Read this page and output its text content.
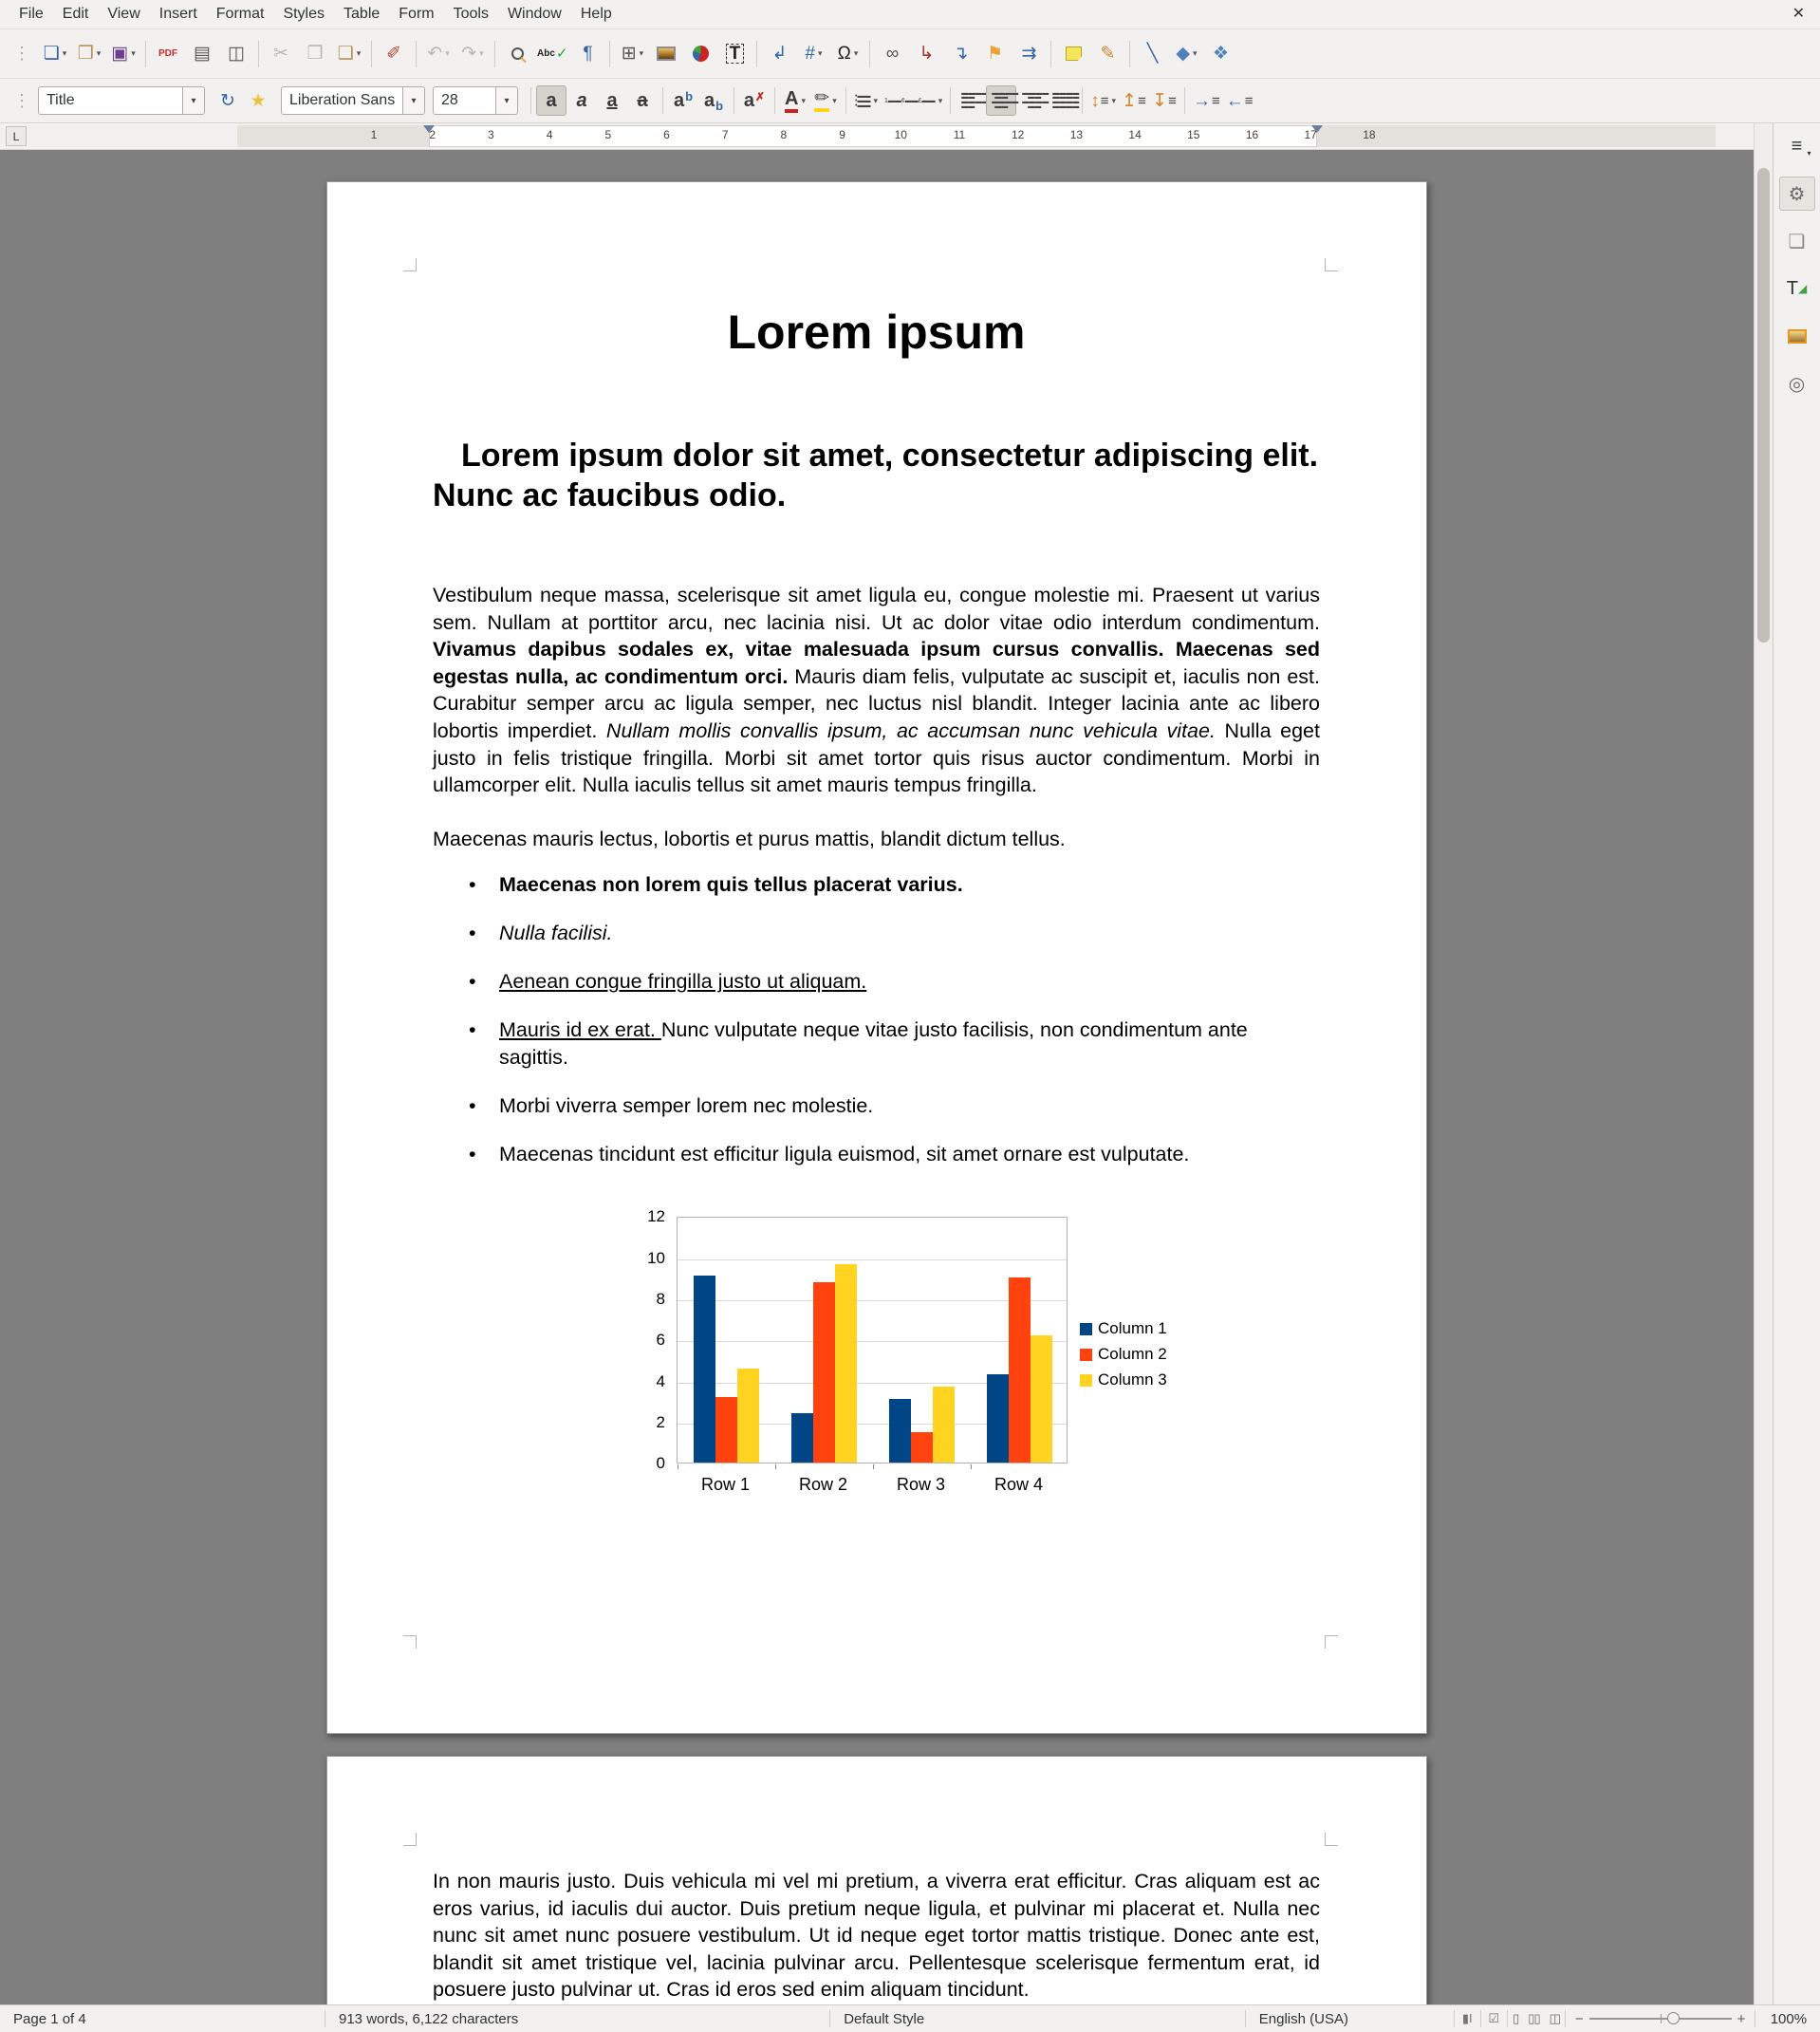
File	Edit	View	Insert	Format	Styles	Table	Form	Tools	Window	Help	✕
⋮ ❏ ▾ ❒ ▾ ▣ ▾ PDF ▤ ◫ ✂ ❐ ❑ ▾ ✐ ↶ ▾ ↷ ▾	Abc ✓ ¶ ⊞ ▾	T ↲ # ▾ Ω ▾ ∞ ↳ ↴ ⚑ ⇉	✎ ╲ ◆ ▾ ❖
⋮ Title	▾	↻ ★	Liberation Sans	▾	28	▾	a a a a a b a b a ✗ A ▾ ✏ ▾ •▬▬ •▬▬ •▬▬	▾ 1▬▬¢▬▬£▬▬	▾ ▬▬▬▬ ▬▬ ▬▬▬▬ ▬▬ ▬▬▬▬ ▬▬ ▬▬▬▬ ▬▬ ▬▬▬▬ ▬▬ ▬▬▬▬ ▬▬ ▬▬▬▬ ▬▬▬▬ ▬▬▬▬ ▬▬▬▬	↕ ≡ ▾ ↥ ≡ ↧ ≡ → ≡ ← ≡
L	1	2	3	4	5	6	7	8	9	10	11	12	13	14	15	16	17	18
Lorem ipsum
Lorem ipsum dolor sit amet, consectetur adipiscing elit. Nunc ac faucibus odio.

Vestibulum neque massa, scelerisque sit amet ligula eu, congue molestie mi. Praesent ut varius sem. Nullam at porttitor arcu, nec lacinia nisi. Ut ac dolor vitae odio interdum condimentum. Vivamus dapibus sodales ex, vitae malesuada ipsum cursus convallis. Maecenas sed egestas nulla, ac condimentum orci. Mauris diam felis, vulputate ac suscipit et, iaculis non est. Curabitur semper arcu ac ligula semper, nec luctus nisl blandit. Integer lacinia ante ac libero lobortis imperdiet. Nullam mollis convallis ipsum, ac accumsan nunc vehicula vitae. Nulla eget justo in felis tristique fringilla. Morbi sit amet tortor quis risus auctor condimentum. Morbi in ullamcorper elit. Nulla iaculis tellus sit amet mauris tempus fringilla.

Maecenas mauris lectus, lobortis et purus mattis, blandit dictum tellus.

• Maecenas non lorem quis tellus placerat varius.
• Nulla facilisi.
• Aenean congue fringilla justo ut aliquam.
• Mauris id ex erat. Nunc vulputate neque vitae justo facilisis, non condimentum ante sagittis.
• Morbi viverra semper lorem nec molestie.
• Maecenas tincidunt est efficitur ligula euismod, sit amet ornare est vulputate.
0
2
4
6
8
10
12
Row 1	Row 2	Row 3	Row 4
Column 1
Column 2
Column 3

In non mauris justo. Duis vehicula mi vel mi pretium, a viverra erat efficitur. Cras aliquam est ac eros varius, id iaculis dui auctor. Duis pretium neque ligula, et pulvinar mi placerat et. Nulla nec nunc sit amet nunc posuere vestibulum. Ut id neque eget tortor mattis tristique. Donec ante est, blandit sit amet tristique vel, lacinia pulvinar arcu. Pellentesque scelerisque fermentum erat, id posuere justo pulvinar ut. Cras id eros sed enim aliquam tincidunt.

≡ ▾
⚙
❏
T ◢
◎
Page 1 of 4	913 words, 6,122 characters	Default Style	English (USA)	▮I	☑	▯ ▯▯ ◫	−	+	100%
